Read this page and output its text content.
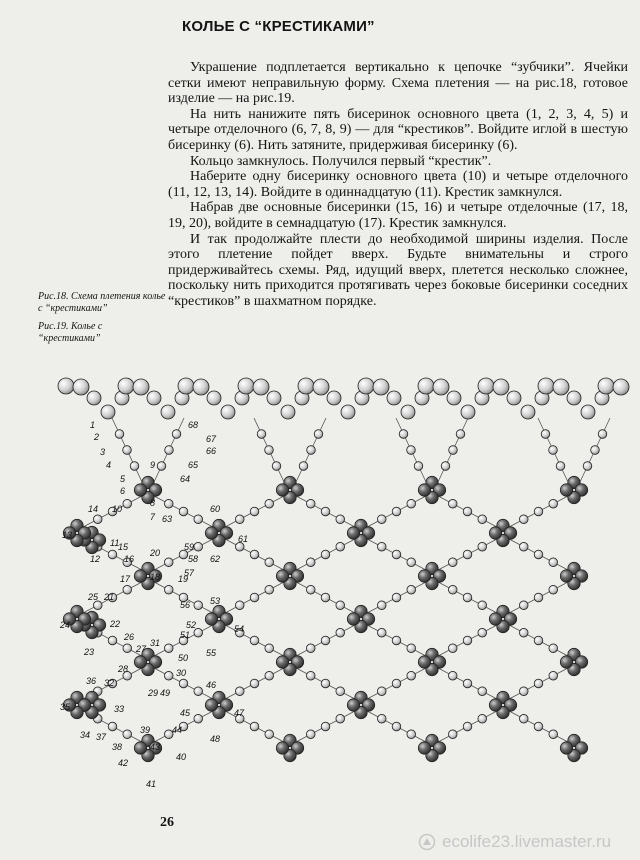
КОЛЬЕ С “КРЕСТИКАМИ”

Украшение подплетается вертикально к цепочке “зубчики”. Ячейки сетки имеют неправильную форму. Схема плетения — на рис.18, готовое изделие — на рис.19.

На нить нанижите пять бисеринок основного цвета (1, 2, 3, 4, 5) и четыре отделочного (6, 7, 8, 9) — для “крестиков”. Войдите иглой в шестую бисеринку (6). Нить затяните, придерживая бисеринку (6).

Кольцо замкнулось. Получился первый “крестик”.

Наберите одну бисеринку основного цвета (10) и четыре отделочного (11, 12, 13, 14). Войдите в одиннадцатую (11). Крестик замкнулся.

Набрав две основные бисеринки (15, 16) и четыре отделочные (17, 18, 19, 20), войдите в семнадцатую (17). Крестик замкнулся.

И так продолжайте плести до необходимой ширины изделия. После этого плетение пойдет вверх. Будьте внимательны и строго придерживайтесь схемы. Ряд, идущий вверх, плетется несколько сложнее, поскольку нить приходится протягивать через боковые бисеринки соседних “крестиков” в шахматном порядке.

Рис.18. Схема плетения колье с “крестиками”
Рис.19. Колье с “крестиками”
1
2
3
4
5
6
7
8
9
10
11
12
13
14
15
16
17 18 19
20
21
22
23
24
25
26
27
28
29
30
31
32
33
34
35
36
37
38
39
40
41
42
43
44
45
46
47
48
49
50
51
52
53
54
55
56
57
58
59
60
61
62
63
64
65
66
67
68
26
ecolife23.livemaster.ru
